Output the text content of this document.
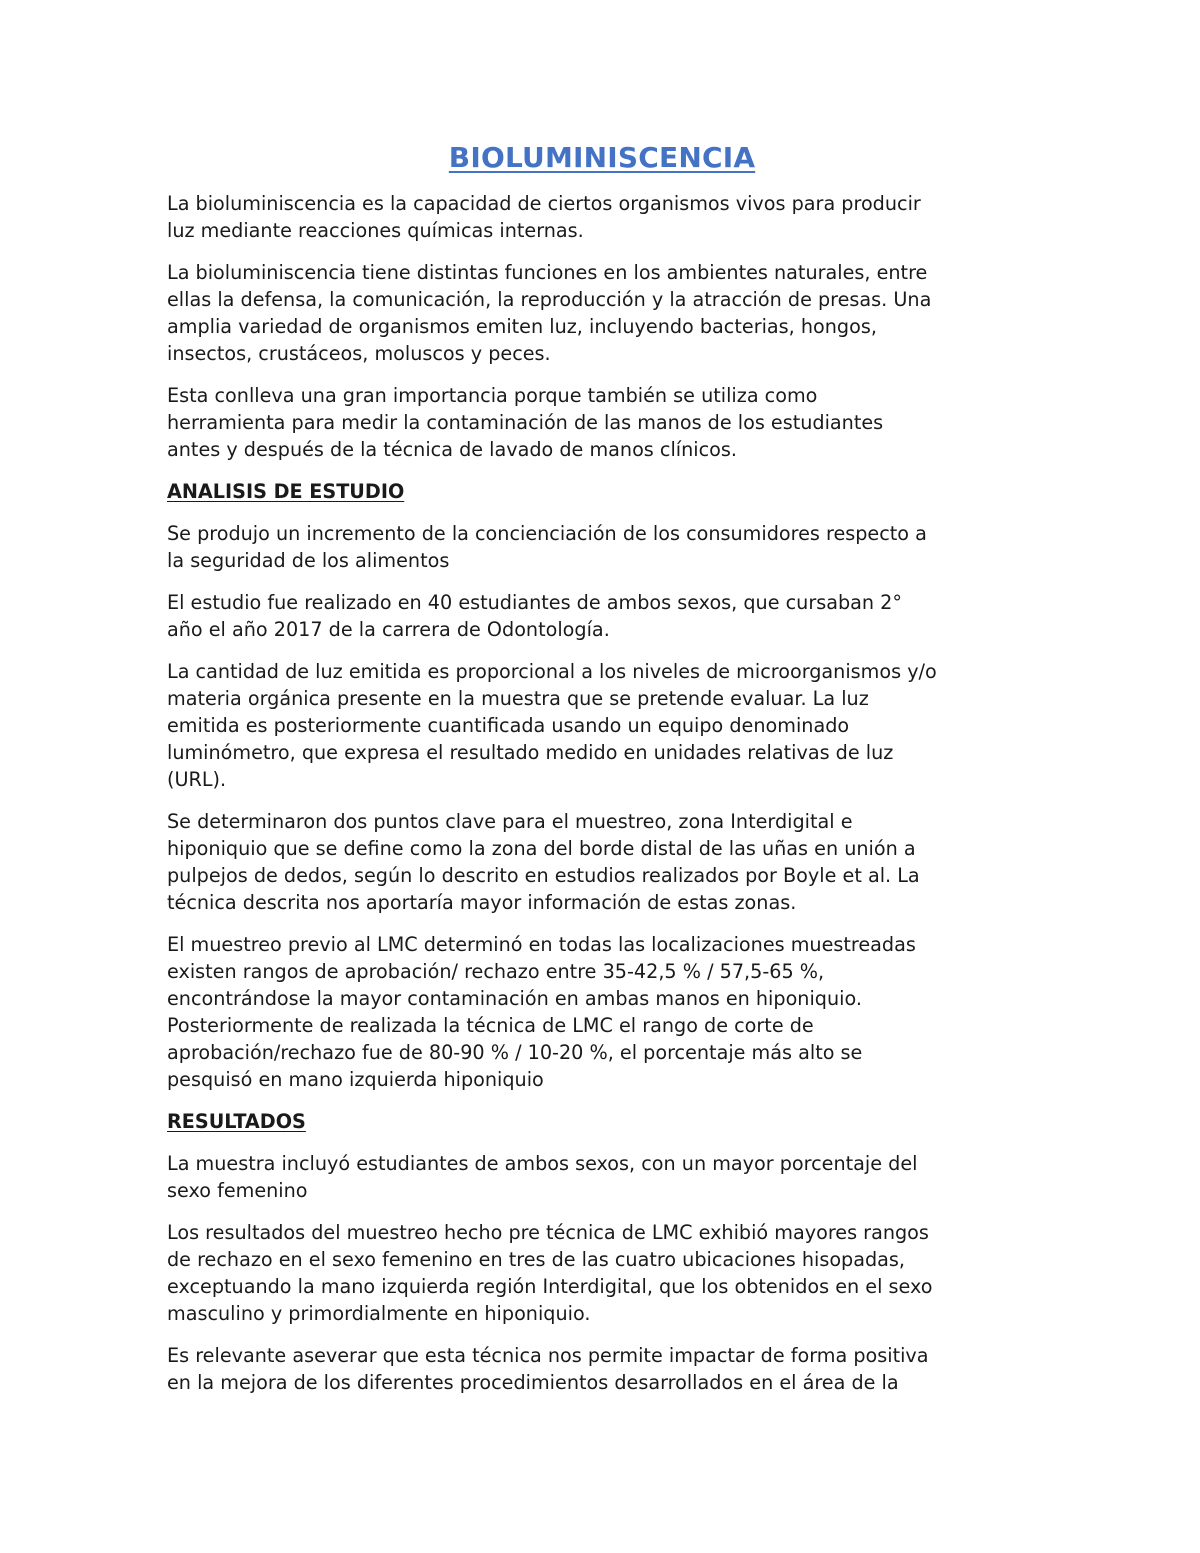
BIOLUMINISCENCIA
La bioluminiscencia es la capacidad de ciertos organismos vivos para producir
luz mediante reacciones químicas internas.
La bioluminiscencia tiene distintas funciones en los ambientes naturales, entre
ellas la defensa, la comunicación, la reproducción y la atracción de presas. Una
amplia variedad de organismos emiten luz, incluyendo bacterias, hongos,
insectos, crustáceos, moluscos y peces.
Esta conlleva una gran importancia porque también se utiliza como
herramienta para medir la contaminación de las manos de los estudiantes
antes y después de la técnica de lavado de manos clínicos.
ANALISIS DE ESTUDIO
Se produjo un incremento de la concienciación de los consumidores respecto a
la seguridad de los alimentos
El estudio fue realizado en 40 estudiantes de ambos sexos, que cursaban 2°
año el año 2017 de la carrera de Odontología.
La cantidad de luz emitida es proporcional a los niveles de microorganismos y/o
materia orgánica presente en la muestra que se pretende evaluar. La luz
emitida es posteriormente cuantificada usando un equipo denominado
luminómetro, que expresa el resultado medido en unidades relativas de luz
(URL).
Se determinaron dos puntos clave para el muestreo, zona Interdigital e
hiponiquio que se define como la zona del borde distal de las uñas en unión a
pulpejos de dedos, según lo descrito en estudios realizados por Boyle et al. La
técnica descrita nos aportaría mayor información de estas zonas.
El muestreo previo al LMC determinó en todas las localizaciones muestreadas
existen rangos de aprobación/ rechazo entre 35-42,5 % / 57,5-65 %,
encontrándose la mayor contaminación en ambas manos en hiponiquio.
Posteriormente de realizada la técnica de LMC el rango de corte de
aprobación/rechazo fue de 80-90 % / 10-20 %, el porcentaje más alto se
pesquisó en mano izquierda hiponiquio
RESULTADOS
La muestra incluyó estudiantes de ambos sexos, con un mayor porcentaje del
sexo femenino
Los resultados del muestreo hecho pre técnica de LMC exhibió mayores rangos
de rechazo en el sexo femenino en tres de las cuatro ubicaciones hisopadas,
exceptuando la mano izquierda región Interdigital, que los obtenidos en el sexo
masculino y primordialmente en hiponiquio.
Es relevante aseverar que esta técnica nos permite impactar de forma positiva
en la mejora de los diferentes procedimientos desarrollados en el área de la
